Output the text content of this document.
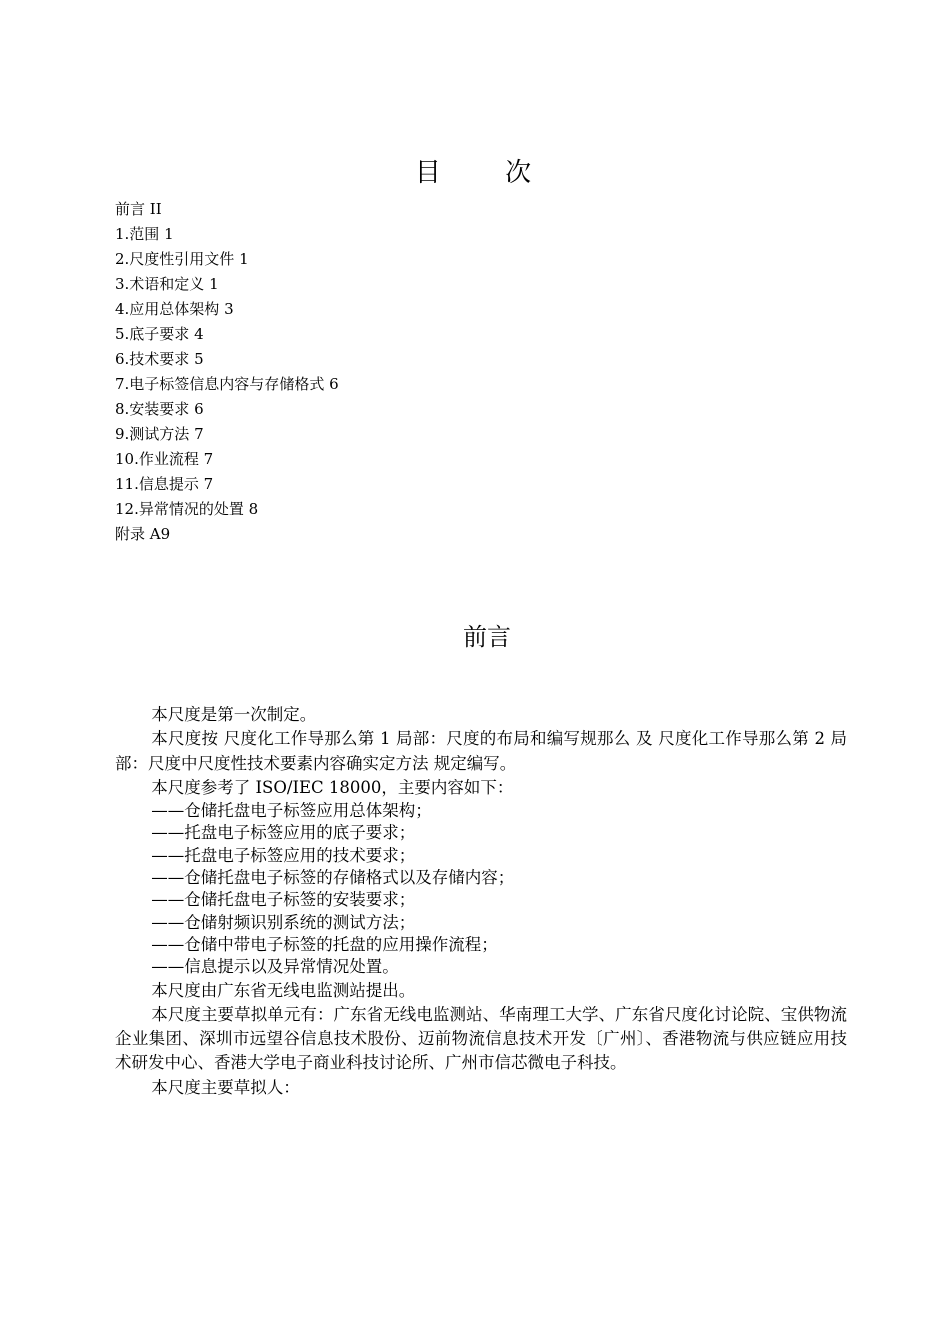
目 次
前言 II
1.范围 1
2.尺度性引用文件 1
3.术语和定义 1
4.应用总体架构 3
5.底子要求 4
6.技术要求 5
7.电子标签信息内容与存储格式 6
8.安装要求 6
9.测试方法 7
10.作业流程 7
11.信息提示 7
12.异常情况的处置 8
附录 A9
前言

本尺度是第一次制定。

本尺度按 尺度化工作导那么第 1 局部：尺度的布局和编写规那么 及 尺度化工作导那么第 2 局部：尺度中尺度性技术要素内容确实定方法 规定编写。

本尺度参考了 ISO/IEC 18000，主要内容如下：

——仓储托盘电子标签应用总体架构；

——托盘电子标签应用的底子要求；

——托盘电子标签应用的技术要求；

——仓储托盘电子标签的存储格式以及存储内容；

——仓储托盘电子标签的安装要求；

——仓储射频识别系统的测试方法；

——仓储中带电子标签的托盘的应用操作流程；

——信息提示以及异常情况处置。

本尺度由广东省无线电监测站提出。

本尺度主要草拟单元有：广东省无线电监测站、华南理工大学、广东省尺度化讨论院、宝供物流企业集团、深圳市远望谷信息技术股份、迈前物流信息技术开发〔广州〕、香港物流与供应链应用技术研发中心、香港大学电子商业科技讨论所、广州市信芯微电子科技。

本尺度主要草拟人：
